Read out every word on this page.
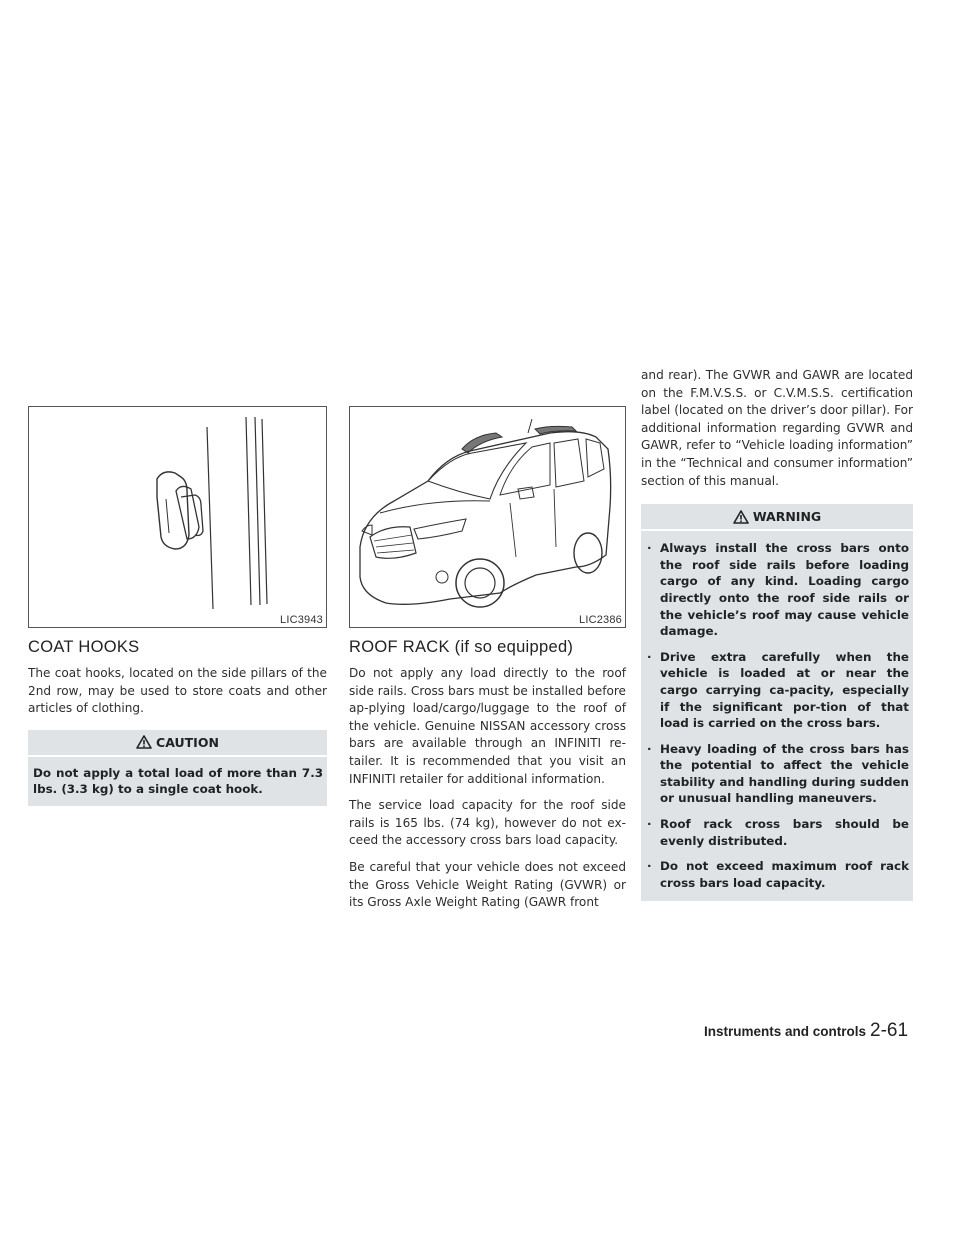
LIC3943
COAT HOOKS

The coat hooks, located on the side pillars of the 2nd row, may be used to store coats and other articles of clothing.

CAUTION

Do not apply a total load of more than 7.3 lbs. (3.3 kg) to a single coat hook.

LIC2386
ROOF RACK (if so equipped)

Do not apply any load directly to the roof side rails. Cross bars must be installed before ap-plying load/cargo/luggage to the roof of the vehicle. Genuine NISSAN accessory cross bars are available through an INFINITI re-tailer. It is recommended that you visit an INFINITI retailer for additional information.

The service load capacity for the roof side rails is 165 lbs. (74 kg), however do not ex-ceed the accessory cross bars load capacity.

Be careful that your vehicle does not exceed the Gross Vehicle Weight Rating (GVWR) or its Gross Axle Weight Rating (GAWR front

and rear). The GVWR and GAWR are located on the F.M.V.S.S. or C.V.M.S.S. certification label (located on the driver’s door pillar). For additional information regarding GVWR and GAWR, refer to “Vehicle loading information” in the “Technical and consumer information” section of this manual.

WARNING
· Always install the cross bars onto the roof side rails before loading cargo of any kind. Loading cargo directly onto the roof side rails or the vehicle’s roof may cause vehicle damage.
· Drive extra carefully when the vehicle is loaded at or near the cargo carrying ca-pacity, especially if the significant por-tion of that load is carried on the cross bars.
· Heavy loading of the cross bars has the potential to affect the vehicle stability and handling during sudden or unusual handling maneuvers.
· Roof rack cross bars should be evenly distributed.
· Do not exceed maximum roof rack cross bars load capacity.
Instruments and controls 2-61
